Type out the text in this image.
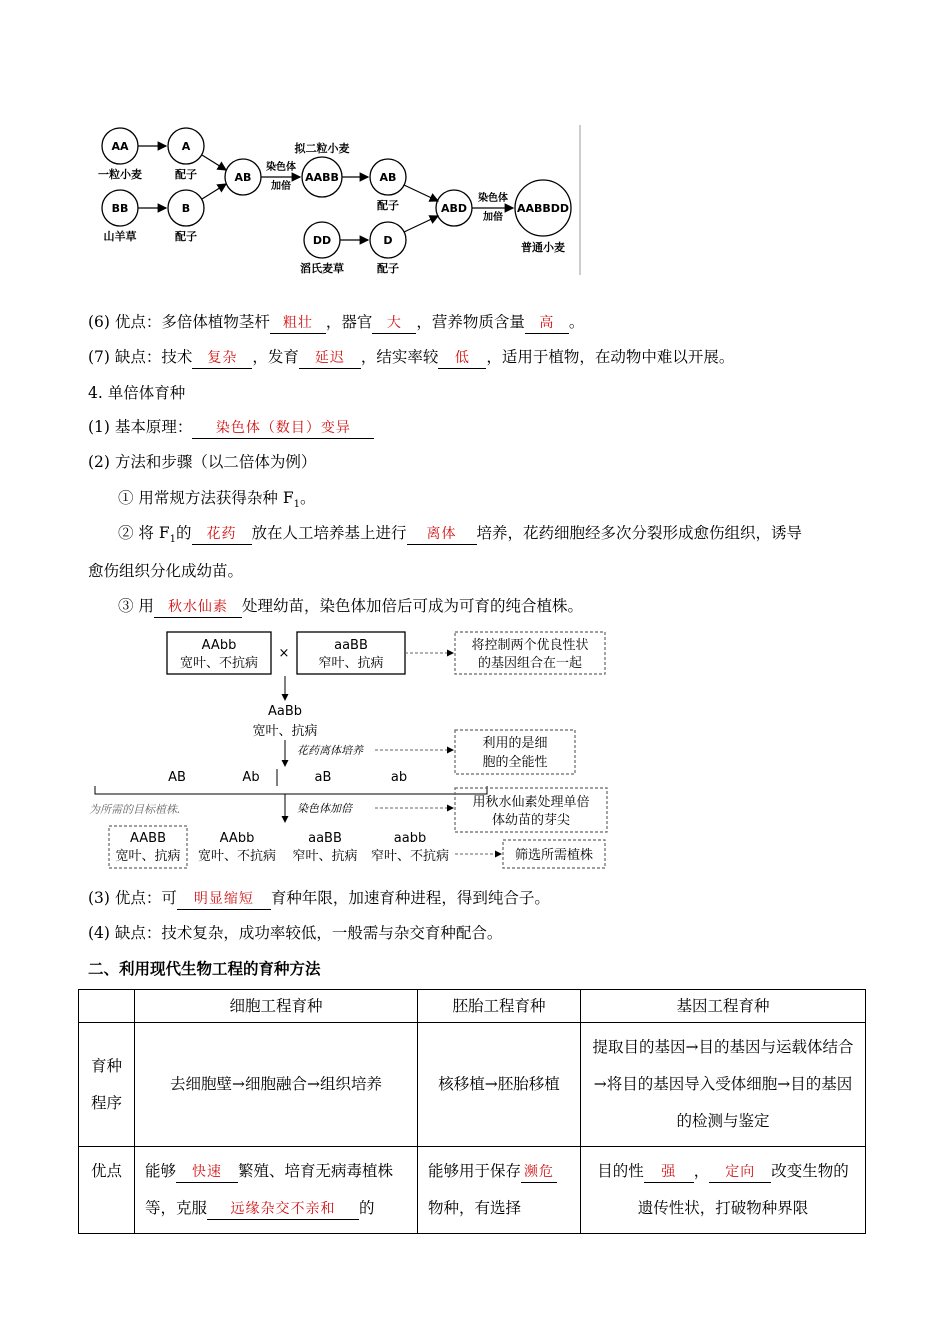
AA	A
BB	B
AB	AABB	AB
DD	D
ABD	AABBDD
一粒小麦	配子
山羊草	配子
拟二粒小麦
染色体
加倍
配子
滔氏麦草	配子
染色体
加倍
普通小麦
(6) 优点：多倍体植物茎杆 粗壮 ，器官 大 ，营养物质含量 高 。
(7) 缺点：技术 复杂 ，发育 延迟 ，结实率较 低 ，适用于植物，在动物中难以开展。
4. 单倍体育种
(1) 基本原理： 染色体（数目）变异
(2) 方法和步骤（以二倍体为例）
① 用常规方法获得杂种 $F_1$。
② 将 $F_1$的 花药 放在人工培养基上进行 离体 培养，花药细胞经多次分裂形成愈伤组织，诱导
愈伤组织分化成幼苗。
③ 用 秋水仙素 处理幼苗，染色体加倍后可成为可育的纯合植株。
AAbb
宽叶、不抗病
×
aaBB
窄叶、抗病
将控制两个优良性状
的基因组合在一起
AaBb
宽叶、抗病
花药离体培养	利用的是细
胞的全能性
AB	Ab	aB	ab
为所需的目标植株.	染色体加倍	用秋水仙素处理单倍
体幼苗的芽尖
AABB
宽叶、抗病
AAbb
宽叶、不抗病
aaBB
窄叶、抗病
aabb
窄叶、不抗病	筛选所需植株
(3) 优点：可 明显缩短 育种年限，加速育种进程，得到纯合子。
(4) 缺点：技术复杂，成功率较低，一般需与杂交育种配合。
二、利用现代生物工程的育种方法
	细胞工程育种	胚胎工程育种	基因工程育种
育种程序	去细胞壁→细胞融合→组织培养	核移植→胚胎移植	提取目的基因→目的基因与运载体结合→将目的基因导入受体细胞→目的基因的检测与鉴定
优点	能够 快速 繁殖、培育无病毒植株等，克服 远缘杂交不亲和 的	能够用于保存 濒危物种，有选择	目的性 强 ， 定向 改变生物的遗传性状，打破物种界限
